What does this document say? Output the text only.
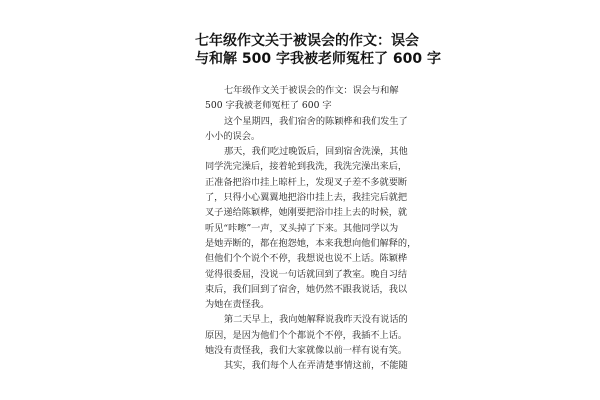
七年级作文关于被误会的作文：误会
与和解 500 字我被老师冤枉了 600 字
七年级作文关于被误会的作文：误会与和解
500 字我被老师冤枉了 600 字
这个星期四，我们宿舍的陈颖桦和我们发生了
小小的误会。
那天，我们吃过晚饭后，回到宿舍洗澡，其他
同学洗完澡后，接着轮到我洗，我洗完澡出来后，
正准备把浴巾挂上晾杆上，发现叉子差不多就要断
了，只得小心翼翼地把浴巾挂上去，我挂完后就把
叉子递给陈颖桦，她刚要把浴巾挂上去的时候，就
听见“咔嚓”一声，叉头掉了下来。其他同学以为
是她弄断的，都在抱怨她，本来我想向他们解释的，
但他们个个说个不停，我想说也说不上话。陈颖桦
觉得很委屈，没说一句话就回到了教室。晚自习结
束后，我们回到了宿舍，她仍然不跟我说话，我以
为她在责怪我。
第二天早上，我向她解释说我昨天没有说话的
原因，是因为他们个个都说个不停，我插不上话。
她没有责怪我，我们大家就像以前一样有说有笑。
其实，我们每个人在弄清楚事情这前，不能随
